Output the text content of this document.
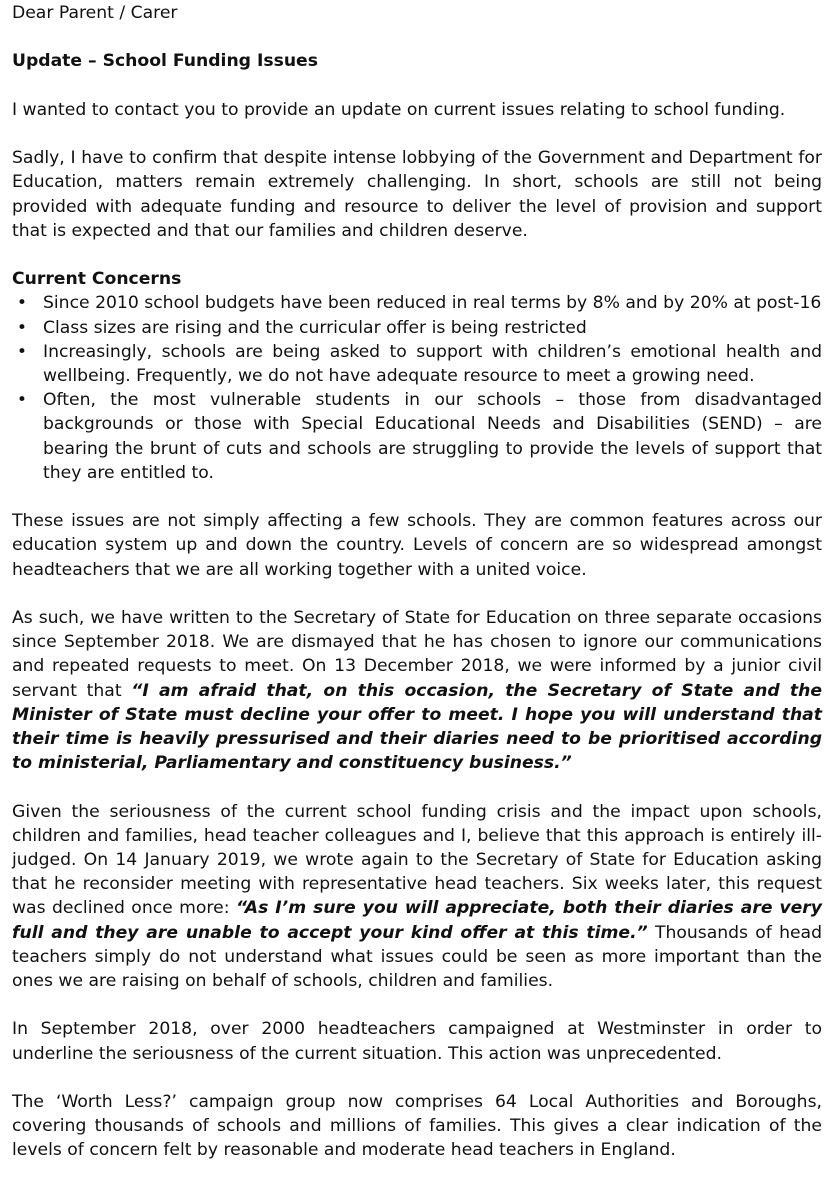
Dear Parent / Carer

Update – School Funding Issues

I wanted to contact you to provide an update on current issues relating to school funding.

Sadly, I have to confirm that despite intense lobbying of the Government and Department for Education, matters remain extremely challenging. In short, schools are still not being provided with adequate funding and resource to deliver the level of provision and support that is expected and that our families and children deserve.

Current Concerns

• Since 2010 school budgets have been reduced in real terms by 8% and by 20% at post-16
• Class sizes are rising and the curricular offer is being restricted
• Increasingly, schools are being asked to support with children’s emotional health and wellbeing. Frequently, we do not have adequate resource to meet a growing need.
• Often, the most vulnerable students in our schools – those from disadvantaged backgrounds or those with Special Educational Needs and Disabilities (SEND) – are bearing the brunt of cuts and schools are struggling to provide the levels of support that they are entitled to.

These issues are not simply affecting a few schools. They are common features across our education system up and down the country. Levels of concern are so widespread amongst headteachers that we are all working together with a united voice.

As such, we have written to the Secretary of State for Education on three separate occasions since September 2018. We are dismayed that he has chosen to ignore our communications and repeated requests to meet. On 13 December 2018, we were informed by a junior civil servant that “I am afraid that, on this occasion, the Secretary of State and the Minister of State must decline your offer to meet. I hope you will understand that their time is heavily pressurised and their diaries need to be prioritised according to ministerial, Parliamentary and constituency business.”

Given the seriousness of the current school funding crisis and the impact upon schools, children and families, head teacher colleagues and I, believe that this approach is entirely ill-judged. On 14 January 2019, we wrote again to the Secretary of State for Education asking that he reconsider meeting with representative head teachers. Six weeks later, this request was declined once more: “As I’m sure you will appreciate, both their diaries are very full and they are unable to accept your kind offer at this time.” Thousands of head teachers simply do not understand what issues could be seen as more important than the ones we are raising on behalf of schools, children and families.

In September 2018, over 2000 headteachers campaigned at Westminster in order to underline the seriousness of the current situation. This action was unprecedented.

The ‘Worth Less?’ campaign group now comprises 64 Local Authorities and Boroughs, covering thousands of schools and millions of families. This gives a clear indication of the levels of concern felt by reasonable and moderate head teachers in England.
